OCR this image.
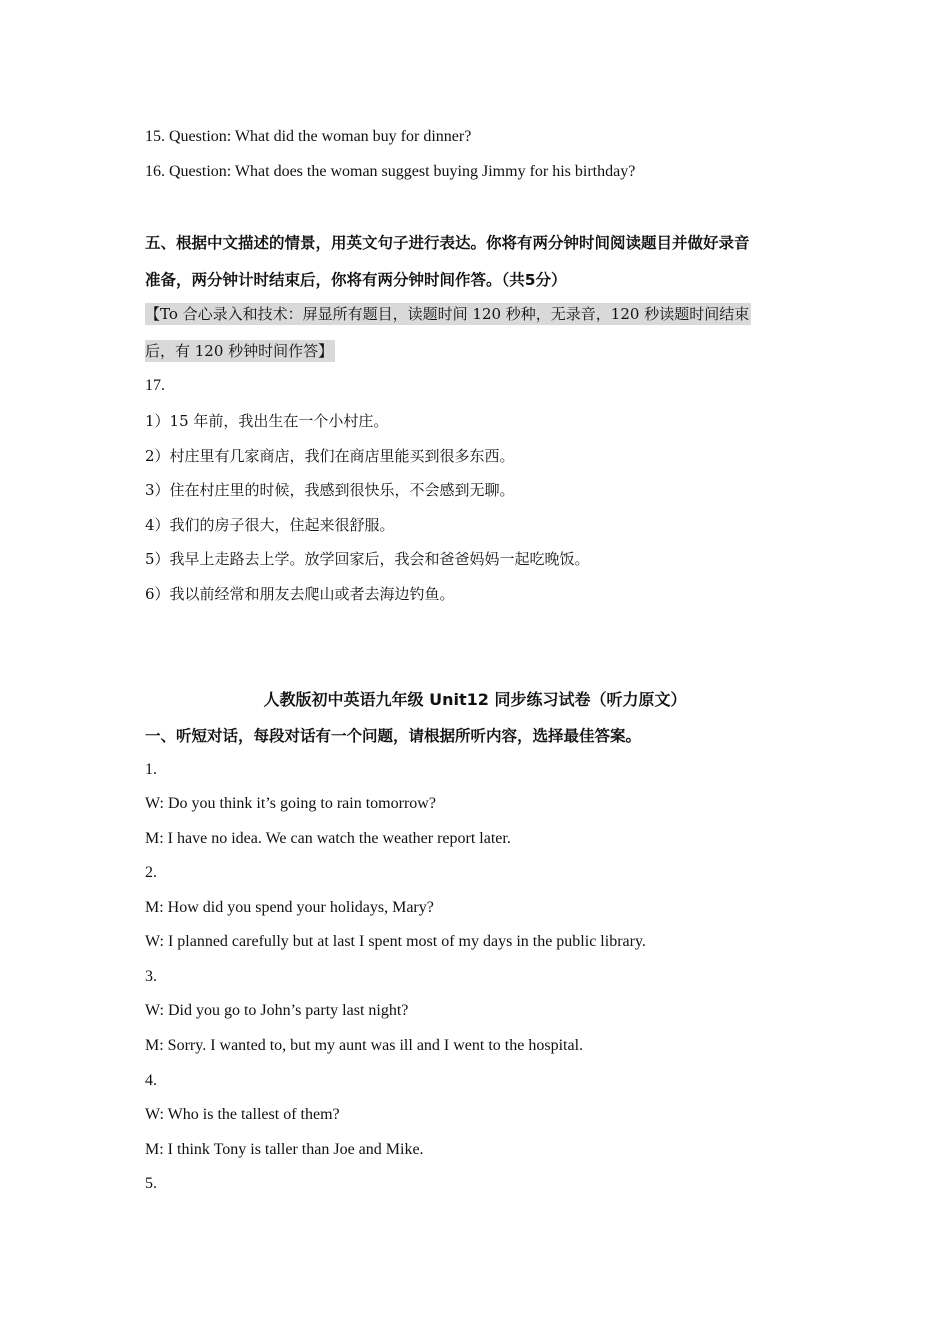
15. Question: What did the woman buy for dinner?
16. Question: What does the woman suggest buying Jimmy for his birthday?
五、根据中文描述的情景，用英文句子进行表达。你将有两分钟时间阅读题目并做好录音
准备，两分钟计时结束后，你将有两分钟时间作答。（共5分）
【To 合心录入和技术：屏显所有题目，读题时间 120 秒种，无录音，120 秒读题时间结束
后，有 120 秒钟时间作答】
17.
1）15 年前，我出生在一个小村庄。
2）村庄里有几家商店，我们在商店里能买到很多东西。
3）住在村庄里的时候，我感到很快乐，不会感到无聊。
4）我们的房子很大，住起来很舒服。
5）我早上走路去上学。放学回家后，我会和爸爸妈妈一起吃晚饭。
6）我以前经常和朋友去爬山或者去海边钓鱼。
人教版初中英语九年级 Unit12 同步练习试卷（听力原文）
一、听短对话，每段对话有一个问题，请根据所听内容，选择最佳答案。
1.
W: Do you think it’s going to rain tomorrow?
M: I have no idea. We can watch the weather report later.
2.
M: How did you spend your holidays, Mary?
W: I planned carefully but at last I spent most of my days in the public library.
3.
W: Did you go to John’s party last night?
M: Sorry. I wanted to, but my aunt was ill and I went to the hospital.
4.
W: Who is the tallest of them?
M: I think Tony is taller than Joe and Mike.
5.
